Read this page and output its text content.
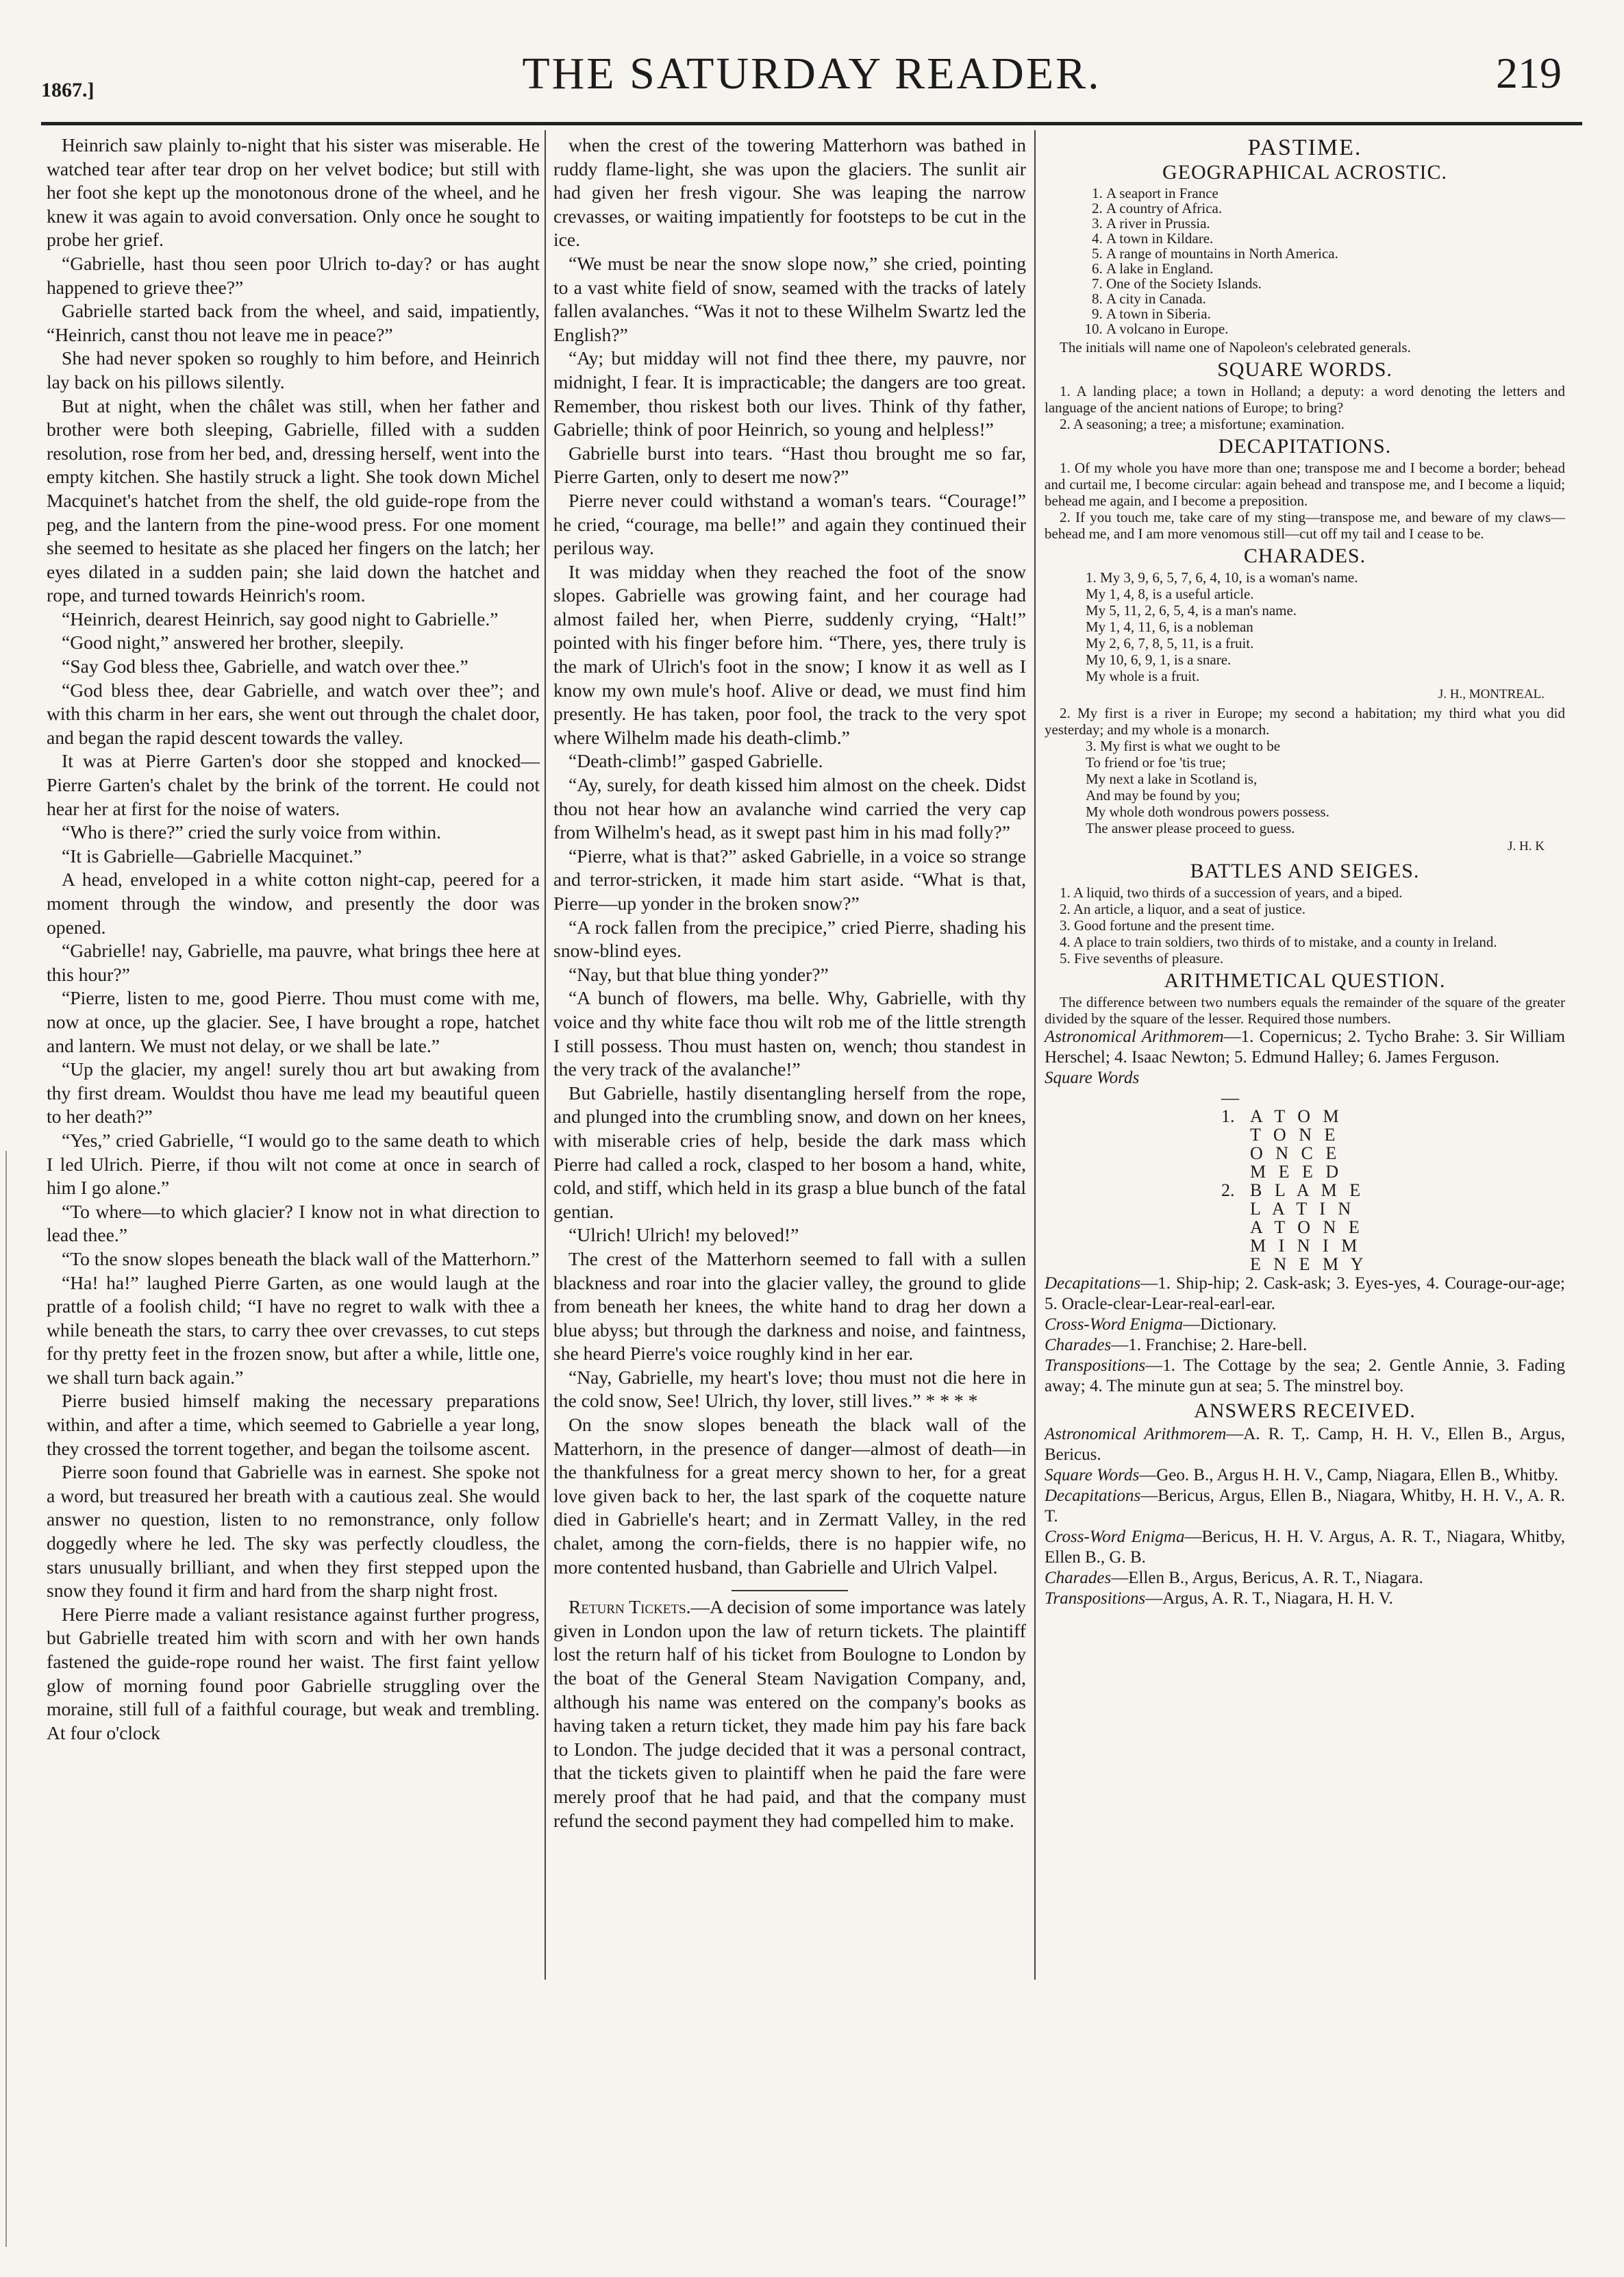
1867.]	THE SATURDAY READER.	219

Heinrich saw plainly to-night that his sister was miserable. He watched tear after tear drop on her velvet bodice; but still with her foot she kept up the monotonous drone of the wheel, and he knew it was again to avoid conversation. Only once he sought to probe her grief.

“Gabrielle, hast thou seen poor Ulrich to-day? or has aught happened to grieve thee?”

Gabrielle started back from the wheel, and said, impatiently, “Heinrich, canst thou not leave me in peace?”

She had never spoken so roughly to him before, and Heinrich lay back on his pillows silently.

But at night, when the châlet was still, when her father and brother were both sleeping, Gabrielle, filled with a sudden resolution, rose from her bed, and, dressing herself, went into the empty kitchen. She hastily struck a light. She took down Michel Macquinet's hatchet from the shelf, the old guide-rope from the peg, and the lantern from the pine-wood press. For one moment she seemed to hesitate as she placed her fingers on the latch; her eyes dilated in a sudden pain; she laid down the hatchet and rope, and turned towards Heinrich's room.

“Heinrich, dearest Heinrich, say good night to Gabrielle.”

“Good night,” answered her brother, sleepily.

“Say God bless thee, Gabrielle, and watch over thee.”

“God bless thee, dear Gabrielle, and watch over thee”; and with this charm in her ears, she went out through the chalet door, and began the rapid descent towards the valley.

It was at Pierre Garten's door she stopped and knocked—Pierre Garten's chalet by the brink of the torrent. He could not hear her at first for the noise of waters.

“Who is there?” cried the surly voice from within.

“It is Gabrielle—Gabrielle Macquinet.”

A head, enveloped in a white cotton night-cap, peered for a moment through the window, and presently the door was opened.

“Gabrielle! nay, Gabrielle, ma pauvre, what brings thee here at this hour?”

“Pierre, listen to me, good Pierre. Thou must come with me, now at once, up the glacier. See, I have brought a rope, hatchet and lantern. We must not delay, or we shall be late.”

“Up the glacier, my angel! surely thou art but awaking from thy first dream. Wouldst thou have me lead my beautiful queen to her death?”

“Yes,” cried Gabrielle, “I would go to the same death to which I led Ulrich. Pierre, if thou wilt not come at once in search of him I go alone.”

“To where—to which glacier? I know not in what direction to lead thee.”

“To the snow slopes beneath the black wall of the Matterhorn.”

“Ha! ha!” laughed Pierre Garten, as one would laugh at the prattle of a foolish child; “I have no regret to walk with thee a while beneath the stars, to carry thee over crevasses, to cut steps for thy pretty feet in the frozen snow, but after a while, little one, we shall turn back again.”

Pierre busied himself making the necessary preparations within, and after a time, which seemed to Gabrielle a year long, they crossed the torrent together, and began the toilsome ascent.

Pierre soon found that Gabrielle was in earnest. She spoke not a word, but treasured her breath with a cautious zeal. She would answer no question, listen to no remonstrance, only follow doggedly where he led. The sky was perfectly cloudless, the stars unusually brilliant, and when they first stepped upon the snow they found it firm and hard from the sharp night frost.

Here Pierre made a valiant resistance against further progress, but Gabrielle treated him with scorn and with her own hands fastened the guide-rope round her waist. The first faint yellow glow of morning found poor Gabrielle struggling over the moraine, still full of a faithful courage, but weak and trembling. At four o'clock

when the crest of the towering Matterhorn was bathed in ruddy flame-light, she was upon the glaciers. The sunlit air had given her fresh vigour. She was leaping the narrow crevasses, or waiting impatiently for footsteps to be cut in the ice.

“We must be near the snow slope now,” she cried, pointing to a vast white field of snow, seamed with the tracks of lately fallen avalanches. “Was it not to these Wilhelm Swartz led the English?”

“Ay; but midday will not find thee there, my pauvre, nor midnight, I fear. It is impracticable; the dangers are too great. Remember, thou riskest both our lives. Think of thy father, Gabrielle; think of poor Heinrich, so young and helpless!”

Gabrielle burst into tears. “Hast thou brought me so far, Pierre Garten, only to desert me now?”

Pierre never could withstand a woman's tears. “Courage!” he cried, “courage, ma belle!” and again they continued their perilous way.

It was midday when they reached the foot of the snow slopes. Gabrielle was growing faint, and her courage had almost failed her, when Pierre, suddenly crying, “Halt!” pointed with his finger before him. “There, yes, there truly is the mark of Ulrich's foot in the snow; I know it as well as I know my own mule's hoof. Alive or dead, we must find him presently. He has taken, poor fool, the track to the very spot where Wilhelm made his death-climb.”

“Death-climb!” gasped Gabrielle.

“Ay, surely, for death kissed him almost on the cheek. Didst thou not hear how an avalanche wind carried the very cap from Wilhelm's head, as it swept past him in his mad folly?”

“Pierre, what is that?” asked Gabrielle, in a voice so strange and terror-stricken, it made him start aside. “What is that, Pierre—up yonder in the broken snow?”

“A rock fallen from the precipice,” cried Pierre, shading his snow-blind eyes.

“Nay, but that blue thing yonder?”

“A bunch of flowers, ma belle. Why, Gabrielle, with thy voice and thy white face thou wilt rob me of the little strength I still possess. Thou must hasten on, wench; thou standest in the very track of the avalanche!”

But Gabrielle, hastily disentangling herself from the rope, and plunged into the crumbling snow, and down on her knees, with miserable cries of help, beside the dark mass which Pierre had called a rock, clasped to her bosom a hand, white, cold, and stiff, which held in its grasp a blue bunch of the fatal gentian.

“Ulrich! Ulrich! my beloved!”

The crest of the Matterhorn seemed to fall with a sullen blackness and roar into the glacier valley, the ground to glide from beneath her knees, the white hand to drag her down a blue abyss; but through the darkness and noise, and faintness, she heard Pierre's voice roughly kind in her ear.

“Nay, Gabrielle, my heart's love; thou must not die here in the cold snow, See! Ulrich, thy lover, still lives.” * * * *

On the snow slopes beneath the black wall of the Matterhorn, in the presence of danger—almost of death—in the thankfulness for a great mercy shown to her, for a great love given back to her, the last spark of the coquette nature died in Gabrielle's heart; and in Zermatt Valley, in the red chalet, among the corn-fields, there is no happier wife, no more contented husband, than Gabrielle and Ulrich Valpel.

Return Tickets.—A decision of some importance was lately given in London upon the law of return tickets. The plaintiff lost the return half of his ticket from Boulogne to London by the boat of the General Steam Navigation Company, and, although his name was entered on the company's books as having taken a return ticket, they made him pay his fare back to London. The judge decided that it was a personal contract, that the tickets given to plaintiff when he paid the fare were merely proof that he had paid, and that the company must refund the second payment they had compelled him to make.

PASTIME.
GEOGRAPHICAL ACROSTIC.
1. A seaport in France
2. A country of Africa.
3. A river in Prussia.
4. A town in Kildare.
5. A range of mountains in North America.
6. A lake in England.
7. One of the Society Islands.
8. A city in Canada.
9. A town in Siberia.
10. A volcano in Europe.

The initials will name one of Napoleon's celebrated generals.

SQUARE WORDS.

1. A landing place; a town in Holland; a deputy: a word denoting the letters and language of the ancient nations of Europe; to bring?

2. A seasoning; a tree; a misfortune; examination.

DECAPITATIONS.

1. Of my whole you have more than one; transpose me and I become a border; behead and curtail me, I become circular: again behead and transpose me, and I become a liquid; behead me again, and I become a preposition.

2. If you touch me, take care of my sting—transpose me, and beware of my claws—behead me, and I am more venomous still—cut off my tail and I cease to be.

CHARADES.
1. My 3, 9, 6, 5, 7, 6, 4, 10, is a woman's name.
My 1, 4, 8, is a useful article.
My 5, 11, 2, 6, 5, 4, is a man's name.
My 1, 4, 11, 6, is a nobleman
My 2, 6, 7, 8, 5, 11, is a fruit.
My 10, 6, 9, 1, is a snare.
My whole is a fruit.
J. H., MONTREAL.

2. My first is a river in Europe; my second a habitation; my third what you did yesterday; and my whole is a monarch.

3. My first is what we ought to be
To friend or foe 'tis true;
My next a lake in Scotland is,
And may be found by you;
My whole doth wondrous powers possess.
The answer please proceed to guess.
J. H. K
BATTLES AND SEIGES.

1. A liquid, two thirds of a succession of years, and a biped.

2. An article, a liquor, and a seat of justice.

3. Good fortune and the present time.

4. A place to train soldiers, two thirds of to mistake, and a county in Ireland.

5. Five sevenths of pleasure.

ARITHMETICAL QUESTION.

The difference between two numbers equals the remainder of the square of the greater divided by the square of the lesser. Required those numbers.

Astronomical Arithmorem—1. Copernicus; 2. Tycho Brahe: 3. Sir William Herschel; 4. Isaac Newton; 5. Edmund Halley; 6. James Ferguson.

Square Words

—1. A T O M
T O N E
O N C E
M E E D
2. B L A M E
L A T I N
A T O N E
M I N I M
E N E M Y

Decapitations—1. Ship-hip; 2. Cask-ask; 3. Eyes-yes, 4. Courage-our-age; 5. Oracle-clear-Lear-real-earl-ear.

Cross-Word Enigma—Dictionary.

Charades—1. Franchise; 2. Hare-bell.

Transpositions—1. The Cottage by the sea; 2. Gentle Annie, 3. Fading away; 4. The minute gun at sea; 5. The minstrel boy.

ANSWERS RECEIVED.

Astronomical Arithmorem—A. R. T,. Camp, H. H. V., Ellen B., Argus, Bericus.

Square Words—Geo. B., Argus H. H. V., Camp, Niagara, Ellen B., Whitby.

Decapitations—Bericus, Argus, Ellen B., Niagara, Whitby, H. H. V., A. R. T.

Cross-Word Enigma—Bericus, H. H. V. Argus, A. R. T., Niagara, Whitby, Ellen B., G. B.

Charades—Ellen B., Argus, Bericus, A. R. T., Niagara.

Transpositions—Argus, A. R. T., Niagara, H. H. V.
